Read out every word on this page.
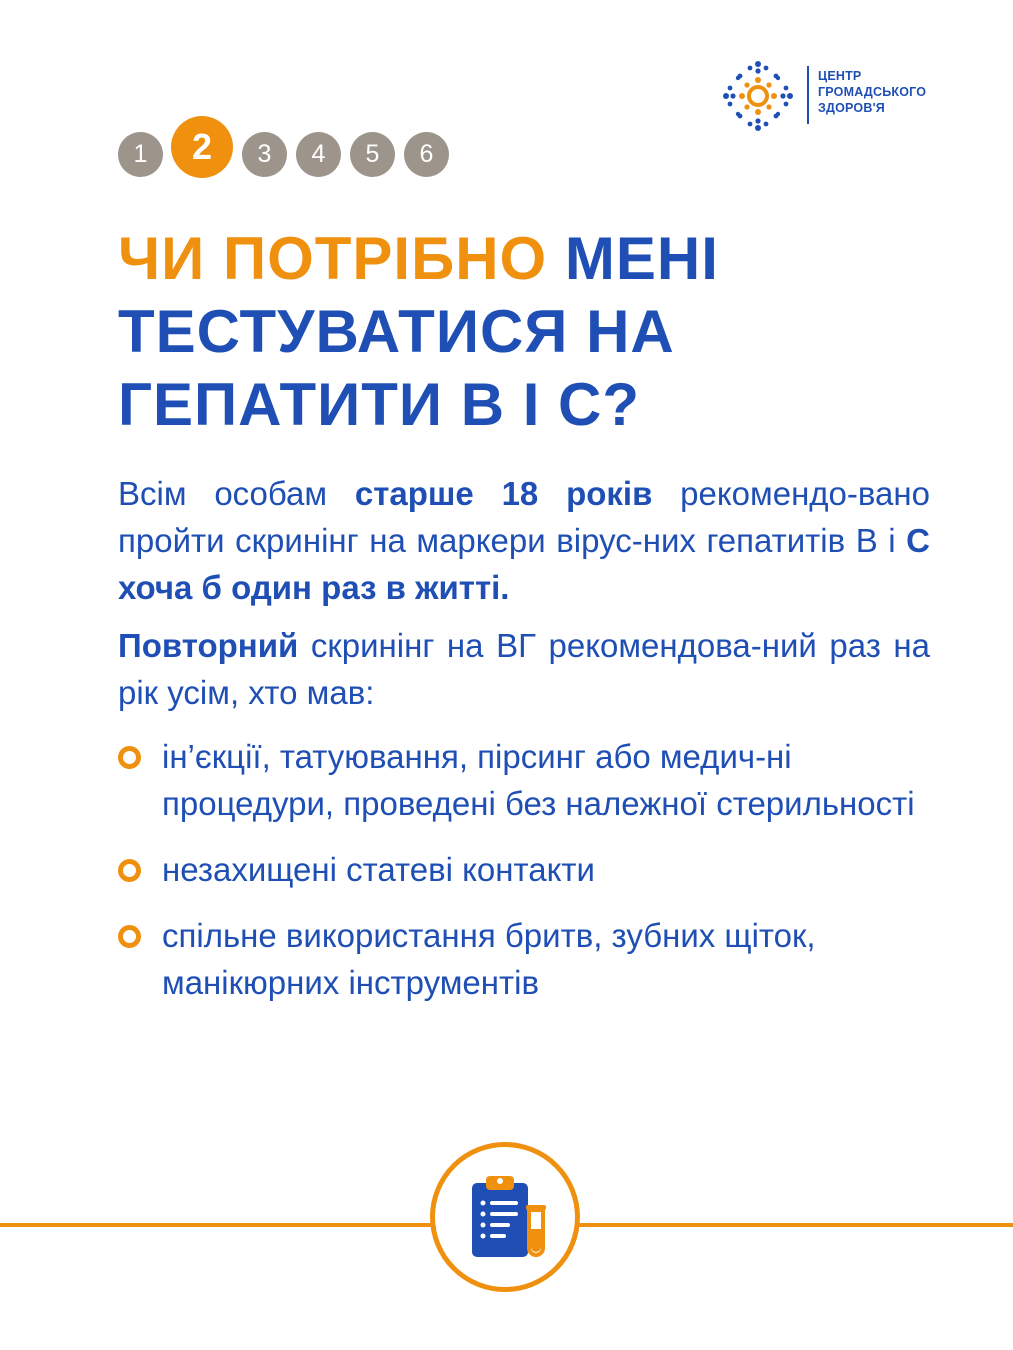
ЦЕНТР
ГРОМАДСЬКОГО
ЗДОРОВ'Я
1	2	3	4	5	6
ЧИ ПОТРІБНО МЕНІ
ТЕСТУВАТИСЯ НА
ГЕПАТИТИ В І С?

Всім особам старше 18 років рекомендо-вано пройти скринінг на маркери вірус-них гепатитів В і С хоча б один раз в житті.

Повторний скринінг на ВГ рекомендова-ний раз на рік усім, хто мав:

ін’єкції, татуювання, пірсинг або медич-ні процедури, проведені без належної стерильності
незахищені статеві контакти
спільне використання бритв, зубних щіток, манікюрних інструментів
